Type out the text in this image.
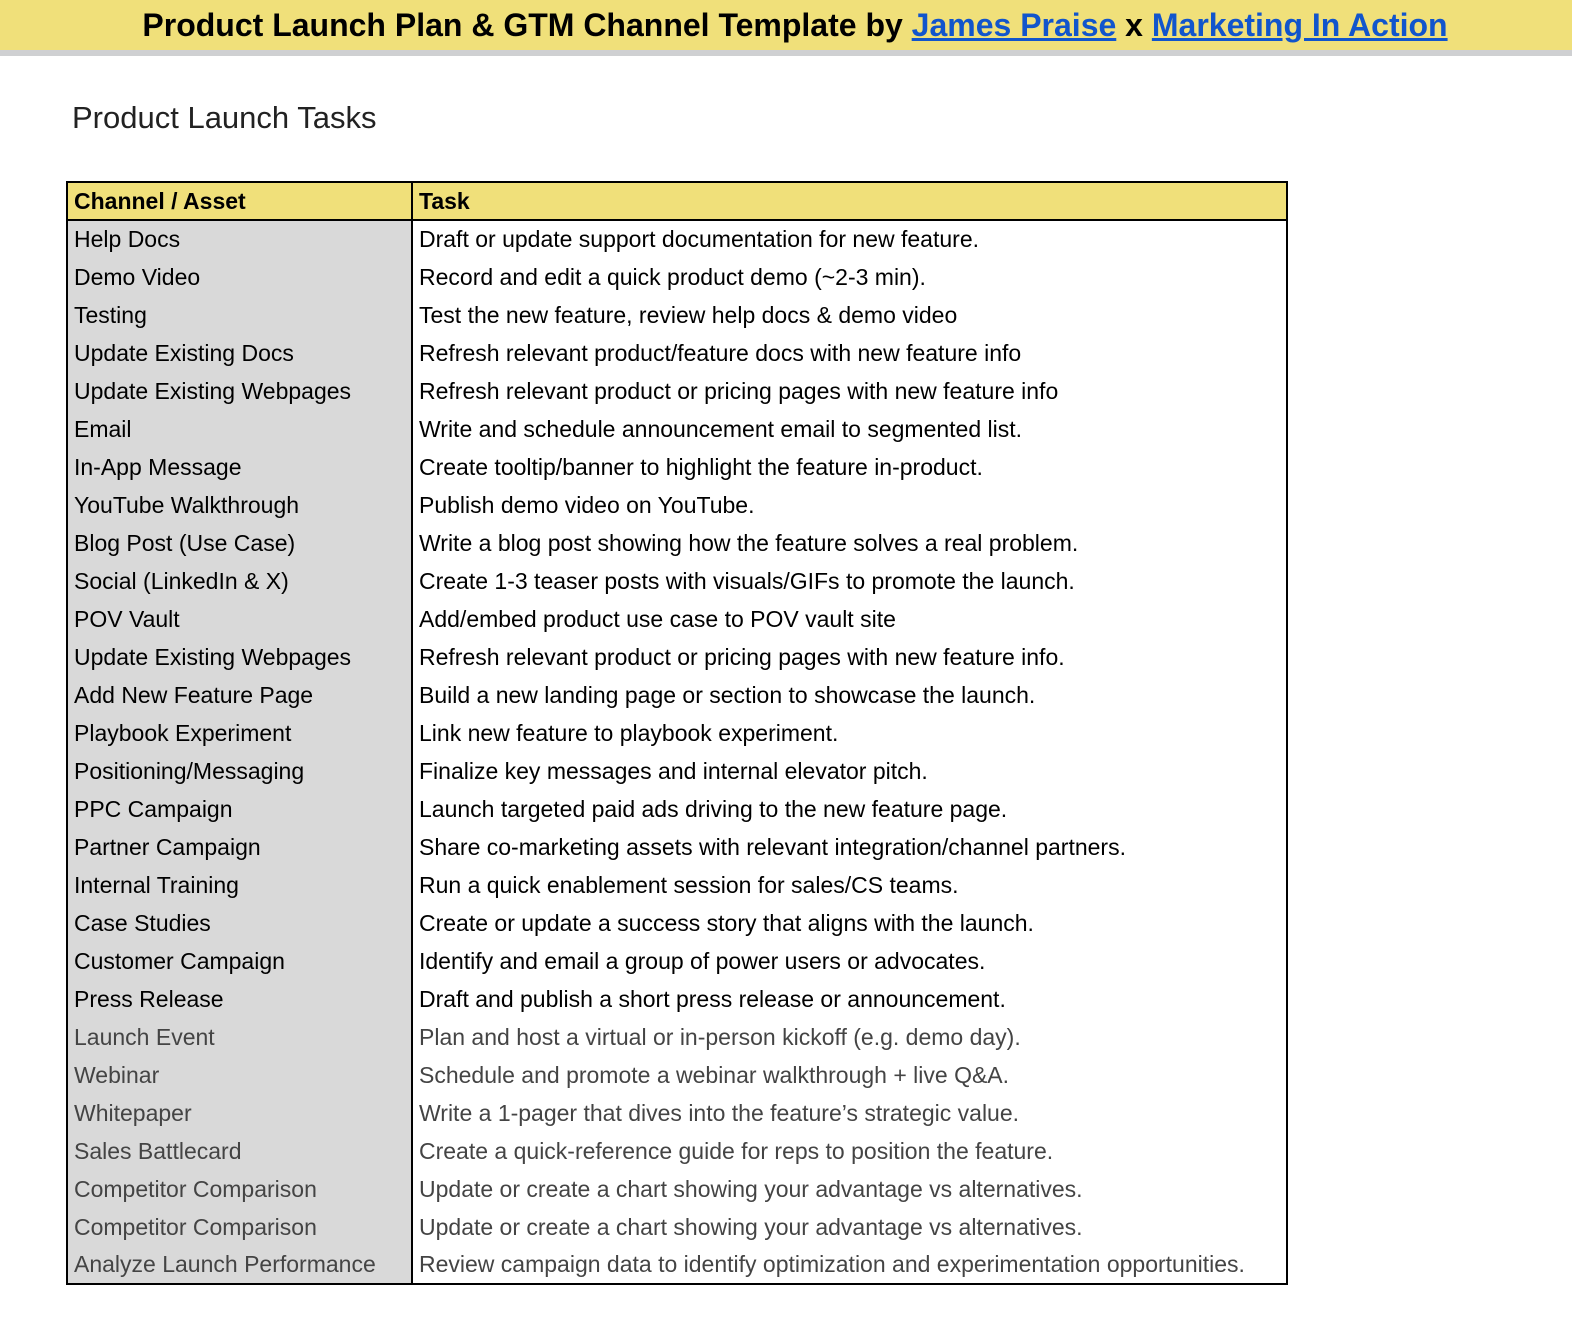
Product Launch Plan & GTM Channel Template by James Praise x Marketing In Action
Product Launch Tasks
Channel / Asset	Task
Help Docs	Draft or update support documentation for new feature.
Demo Video	Record and edit a quick product demo (~2-3 min).
Testing	Test the new feature, review help docs & demo video
Update Existing Docs	Refresh relevant product/feature docs with new feature info
Update Existing Webpages	Refresh relevant product or pricing pages with new feature info
Email	Write and schedule announcement email to segmented list.
In-App Message	Create tooltip/banner to highlight the feature in-product.
YouTube Walkthrough	Publish demo video on YouTube.
Blog Post (Use Case)	Write a blog post showing how the feature solves a real problem.
Social (LinkedIn & X)	Create 1-3 teaser posts with visuals/GIFs to promote the launch.
POV Vault	Add/embed product use case to POV vault site
Update Existing Webpages	Refresh relevant product or pricing pages with new feature info.
Add New Feature Page	Build a new landing page or section to showcase the launch.
Playbook Experiment	Link new feature to playbook experiment.
Positioning/Messaging	Finalize key messages and internal elevator pitch.
PPC Campaign	Launch targeted paid ads driving to the new feature page.
Partner Campaign	Share co-marketing assets with relevant integration/channel partners.
Internal Training	Run a quick enablement session for sales/CS teams.
Case Studies	Create or update a success story that aligns with the launch.
Customer Campaign	Identify and email a group of power users or advocates.
Press Release	Draft and publish a short press release or announcement.
Launch Event	Plan and host a virtual or in-person kickoff (e.g. demo day).
Webinar	Schedule and promote a webinar walkthrough + live Q&A.
Whitepaper	Write a 1-pager that dives into the feature’s strategic value.
Sales Battlecard	Create a quick-reference guide for reps to position the feature.
Competitor Comparison	Update or create a chart showing your advantage vs alternatives.
Competitor Comparison	Update or create a chart showing your advantage vs alternatives.
Analyze Launch Performance	Review campaign data to identify optimization and experimentation opportunities.
